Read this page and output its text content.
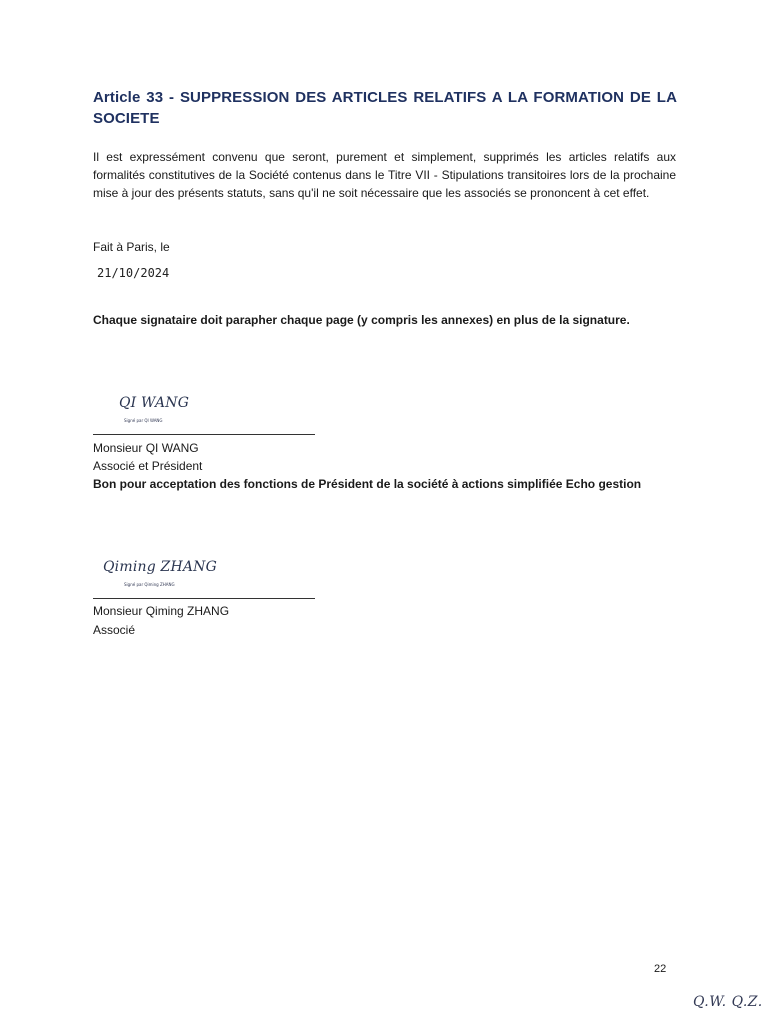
Article 33 - SUPPRESSION DES ARTICLES RELATIFS A LA FORMATION DE LA SOCIETE
Il est expressément convenu que seront, purement et simplement, supprimés les articles relatifs aux formalités constitutives de la Société contenus dans le Titre VII - Stipulations transitoires lors de la prochaine mise à jour des présents statuts, sans qu'il ne soit nécessaire que les associés se prononcent à cet effet.
Fait à Paris, le
21/10/2024
Chaque signataire doit parapher chaque page (y compris les annexes) en plus de la signature.
QI WANG
Signé par QI WANG
Monsieur QI WANG
Associé et Président
Bon pour acceptation des fonctions de Président de la société à actions simplifiée Echo gestion
Qiming ZHANG
Signé par Qiming ZHANG
Monsieur Qiming ZHANG
Associé
22
Q.W. Q.Z.
